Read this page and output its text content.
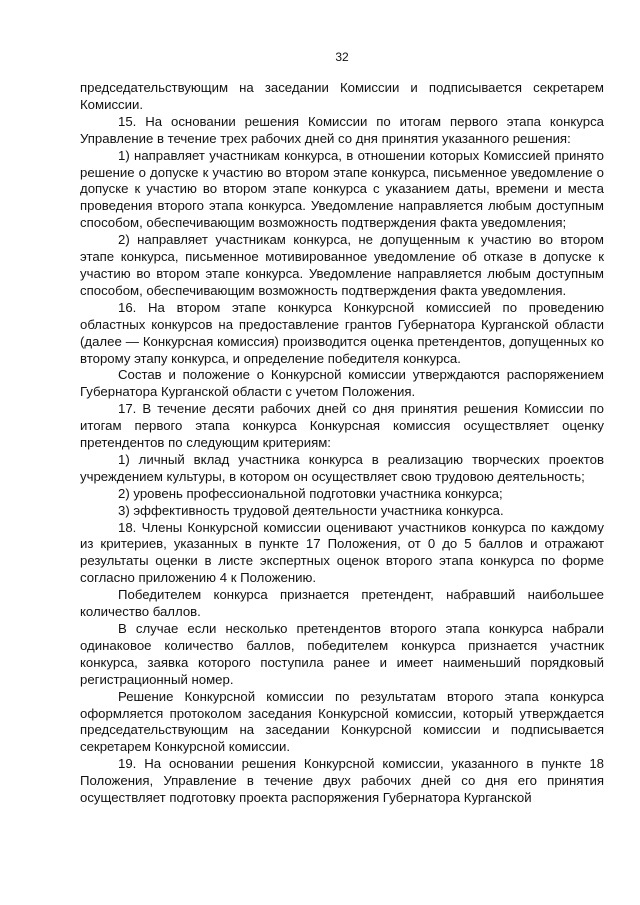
32

председательствующим на заседании Комиссии и подписывается секретарем Комиссии.

15. На основании решения Комиссии по итогам первого этапа конкурса Управление в течение трех рабочих дней со дня принятия указанного решения:

1) направляет участникам конкурса, в отношении которых Комиссией принято решение о допуске к участию во втором этапе конкурса, письменное уведомление о допуске к участию во втором этапе конкурса с указанием даты, времени и места проведения второго этапа конкурса. Уведомление направляется любым доступным способом, обеспечивающим возможность подтверждения факта уведомления;

2) направляет участникам конкурса, не допущенным к участию во втором этапе конкурса, письменное мотивированное уведомление об отказе в допуске к участию во втором этапе конкурса. Уведомление направляется любым доступным способом, обеспечивающим возможность подтверждения факта уведомления.

16. На втором этапе конкурса Конкурсной комиссией по проведению областных конкурсов на предоставление грантов Губернатора Курганской области (далее — Конкурсная комиссия) производится оценка претендентов, допущенных ко второму этапу конкурса, и определение победителя конкурса.

Состав и положение о Конкурсной комиссии утверждаются распоряжением Губернатора Курганской области с учетом Положения.

17. В течение десяти рабочих дней со дня принятия решения Комиссии по итогам первого этапа конкурса Конкурсная комиссия осуществляет оценку претендентов по следующим критериям:

1) личный вклад участника конкурса в реализацию творческих проектов учреждением культуры, в котором он осуществляет свою трудовою деятельность;

2) уровень профессиональной подготовки участника конкурса;

3) эффективность трудовой деятельности участника конкурса.

18. Члены Конкурсной комиссии оценивают участников конкурса по каждому из критериев, указанных в пункте 17 Положения, от 0 до 5 баллов и отражают результаты оценки в листе экспертных оценок второго этапа конкурса по форме согласно приложению 4 к Положению.

Победителем конкурса признается претендент, набравший наибольшее количество баллов.

В случае если несколько претендентов второго этапа конкурса набрали одинаковое количество баллов, победителем конкурса признается участник конкурса, заявка которого поступила ранее и имеет наименьший порядковый регистрационный номер.

Решение Конкурсной комиссии по результатам второго этапа конкурса оформляется протоколом заседания Конкурсной комиссии, который утверждается председательствующим на заседании Конкурсной комиссии и подписывается секретарем Конкурсной комиссии.

19. На основании решения Конкурсной комиссии, указанного в пункте 18 Положения, Управление в течение двух рабочих дней со дня его принятия осуществляет подготовку проекта распоряжения Губернатора Курганской
